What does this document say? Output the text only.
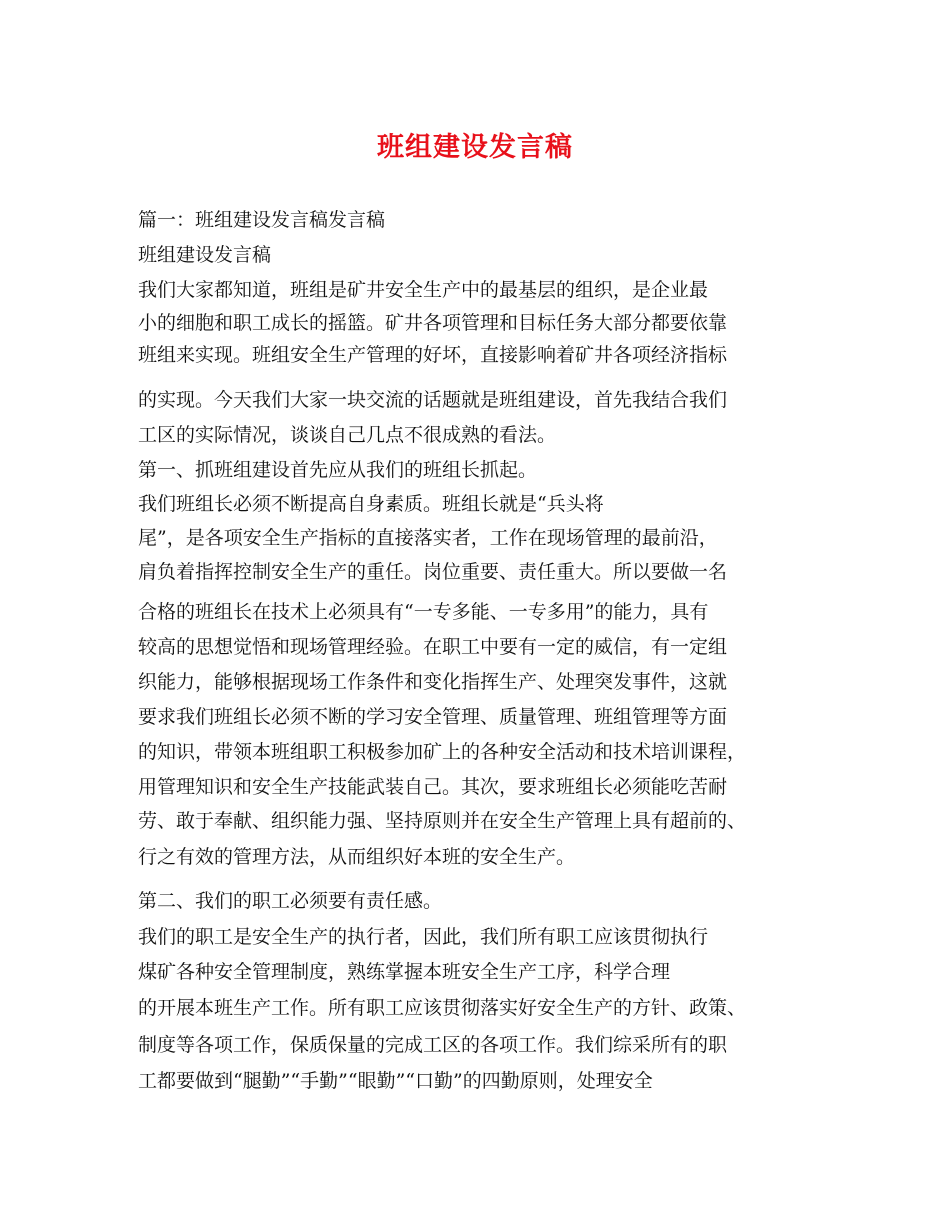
班组建设发言稿
篇一：班组建设发言稿发言稿
班组建设发言稿
我们大家都知道，班组是矿井安全生产中的最基层的组织，是企业最
小的细胞和职工成长的摇篮。矿井各项管理和目标任务大部分都要依靠
班组来实现。班组安全生产管理的好坏，直接影响着矿井各项经济指标
的实现。今天我们大家一块交流的话题就是班组建设，首先我结合我们
工区的实际情况，谈谈自己几点不很成熟的看法。
第一、抓班组建设首先应从我们的班组长抓起。
我们班组长必须不断提高自身素质。班组长就是“兵头将
尾”，是各项安全生产指标的直接落实者，工作在现场管理的最前沿，
肩负着指挥控制安全生产的重任。岗位重要、责任重大。所以要做一名
合格的班组长在技术上必须具有“一专多能、一专多用”的能力，具有
较高的思想觉悟和现场管理经验。在职工中要有一定的威信，有一定组
织能力，能够根据现场工作条件和变化指挥生产、处理突发事件，这就
要求我们班组长必须不断的学习安全管理、质量管理、班组管理等方面
的知识，带领本班组职工积极参加矿上的各种安全活动和技术培训课程，
用管理知识和安全生产技能武装自己。其次，要求班组长必须能吃苦耐
劳、敢于奉献、组织能力强、坚持原则并在安全生产管理上具有超前的、
行之有效的管理方法，从而组织好本班的安全生产。
第二、我们的职工必须要有责任感。
我们的职工是安全生产的执行者，因此，我们所有职工应该贯彻执行
煤矿各种安全管理制度，熟练掌握本班安全生产工序，科学合理
的开展本班生产工作。所有职工应该贯彻落实好安全生产的方针、政策、
制度等各项工作，保质保量的完成工区的各项工作。我们综采所有的职
工都要做到“腿勤”“手勤”“眼勤”“口勤”的四勤原则，处理安全
